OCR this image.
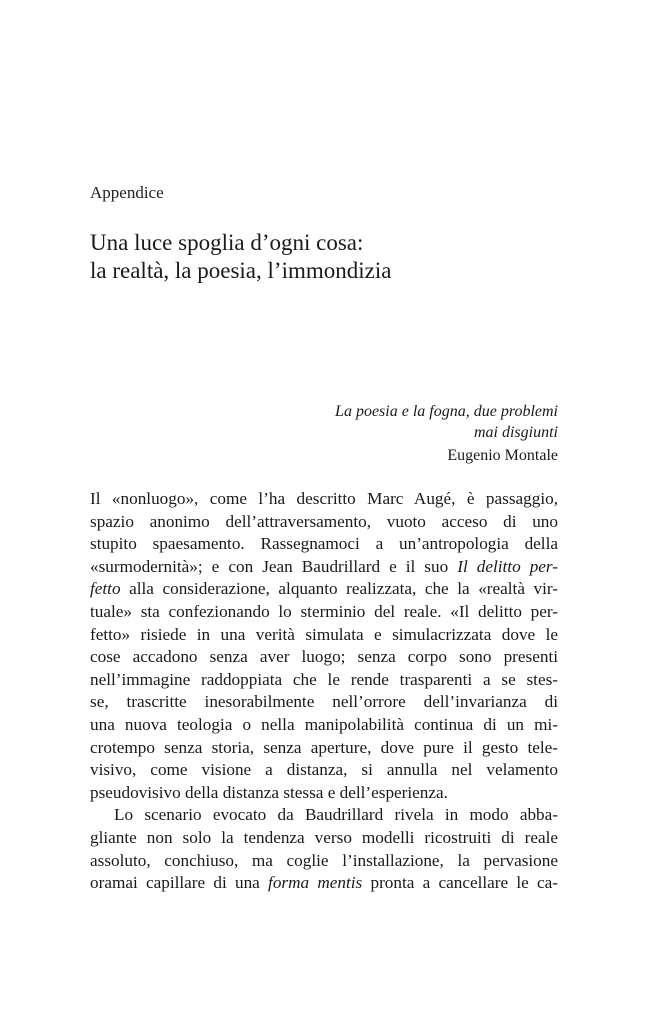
Appendice
Una luce spoglia d’ogni cosa:
la realtà, la poesia, l’immondizia
La poesia e la fogna, due problemi
mai disgiunti
Eugenio Montale
Il «nonluogo», come l’ha descritto Marc Augé, è passaggio,
spazio anonimo dell’attraversamento, vuoto acceso di uno
stupito spaesamento. Rassegnamoci a un’antropologia della
«surmodernità»; e con Jean Baudrillard e il suo Il delitto per-
fetto alla considerazione, alquanto realizzata, che la «realtà vir-
tuale» sta confezionando lo sterminio del reale. «Il delitto per-
fetto» risiede in una verità simulata e simulacrizzata dove le
cose accadono senza aver luogo; senza corpo sono presenti
nell’immagine raddoppiata che le rende trasparenti a se stes-
se, trascritte inesorabilmente nell’orrore dell’invarianza di
una nuova teologia o nella manipolabilità continua di un mi-
crotempo senza storia, senza aperture, dove pure il gesto tele-
visivo, come visione a distanza, si annulla nel velamento
pseudovisivo della distanza stessa e dell’esperienza.
Lo scenario evocato da Baudrillard rivela in modo abba-
gliante non solo la tendenza verso modelli ricostruiti di reale
assoluto, conchiuso, ma coglie l’installazione, la pervasione
oramai capillare di una forma mentis pronta a cancellare le ca-
